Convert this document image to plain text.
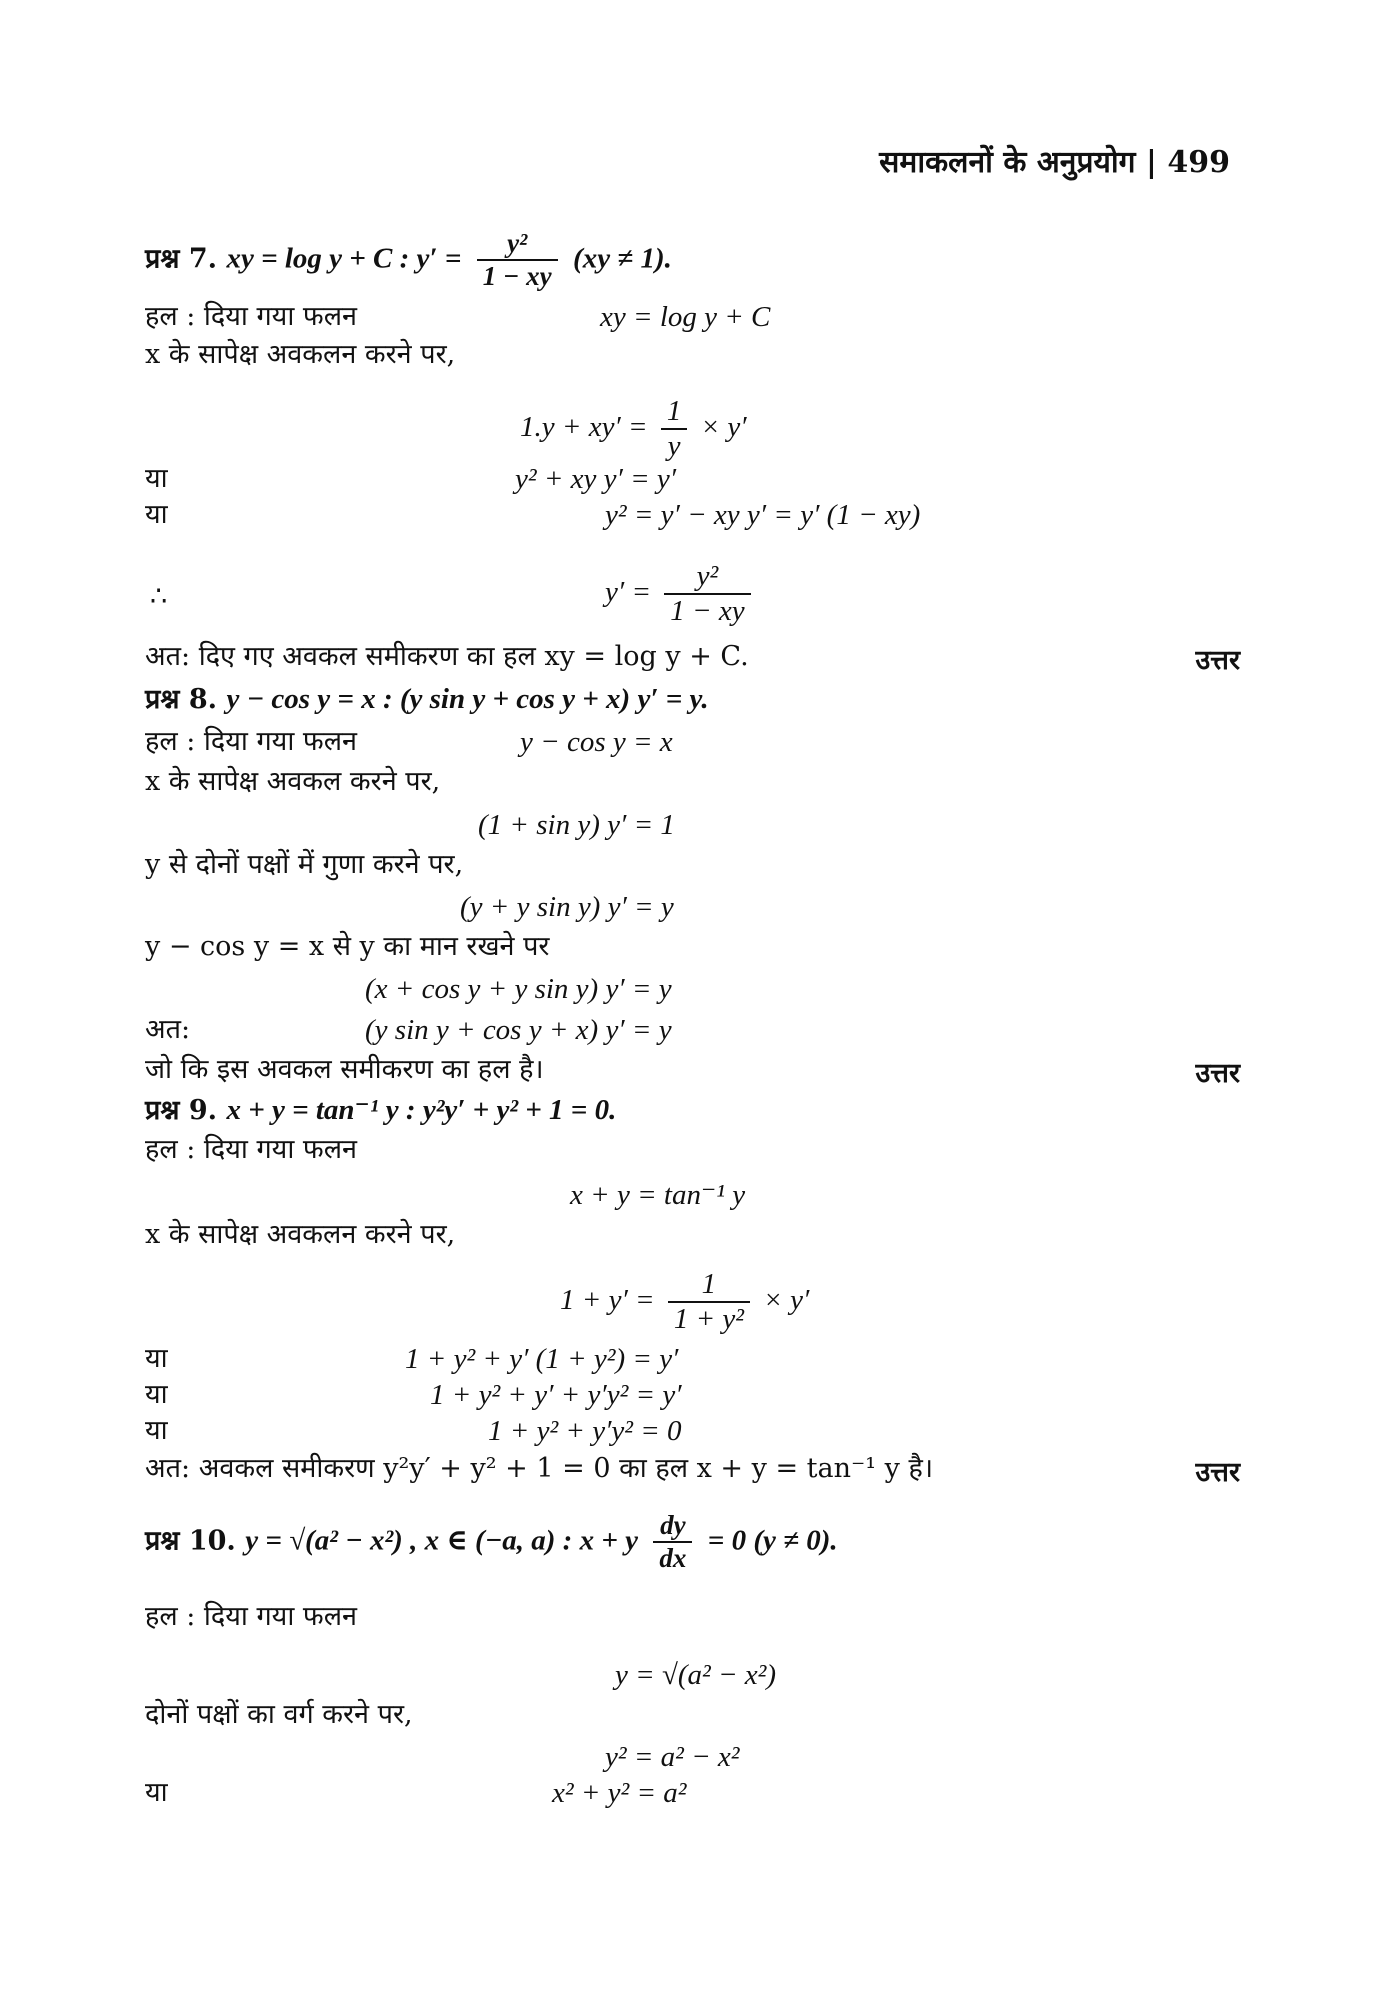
समाकलनों के अनुप्रयोग | 499
प्रश्न 7. xy = log y + C : $y' = \frac{\text{y²}}{1 - xy} (xy \ne 1)$.
हल : दिया गया फलन	xy = log y + C
x के सापेक्ष अवकलन करने पर,
$1.y + xy' = \frac{1}{y} \times y'$
या	y² + xy y′ = y′
या	y² = y′ − xy y′ = y′ (1 − xy)
∴	$y' = \frac{\text{y²}}{1 - xy}$
अत: दिए गए अवकल समीकरण का हल xy = log y + C.	उत्तर
प्रश्न 8. y − cos y = x : (y sin y + cos y + x) y′ = y.
हल : दिया गया फलन	y − cos y = x
x के सापेक्ष अवकल करने पर,
(1 + sin y) y′ = 1
y से दोनों पक्षों में गुणा करने पर,
(y + y sin y) y′ = y
y − cos y = x से y का मान रखने पर
(x + cos y + y sin y) y′ = y
अत:	(y sin y + cos y + x) y′ = y
जो कि इस अवकल समीकरण का हल है।	उत्तर
प्रश्न 9. x + y = tan⁻¹ y : y²y′ + y² + 1 = 0.
हल : दिया गया फलन
x + y = tan⁻¹ y
x के सापेक्ष अवकलन करने पर,
$1 + y' = \frac{1}{\text{1 + y²}} \times y'$
या	1 + y² + y′ (1 + y²) = y′
या	1 + y² + y′ + y′y² = y′
या	1 + y² + y′y² = 0
अत: अवकल समीकरण y²y′ + y² + 1 = 0 का हल x + y = tan⁻¹ y है।	उत्तर
प्रश्न 10. y = √(a² − x²) , x ∈ (−a, a) : x + y $\frac{dy}{dx} = 0$ (y ≠ 0).
हल : दिया गया फलन
y = √(a² − x²)
दोनों पक्षों का वर्ग करने पर,
y² = a² − x²
या	x² + y² = a²
